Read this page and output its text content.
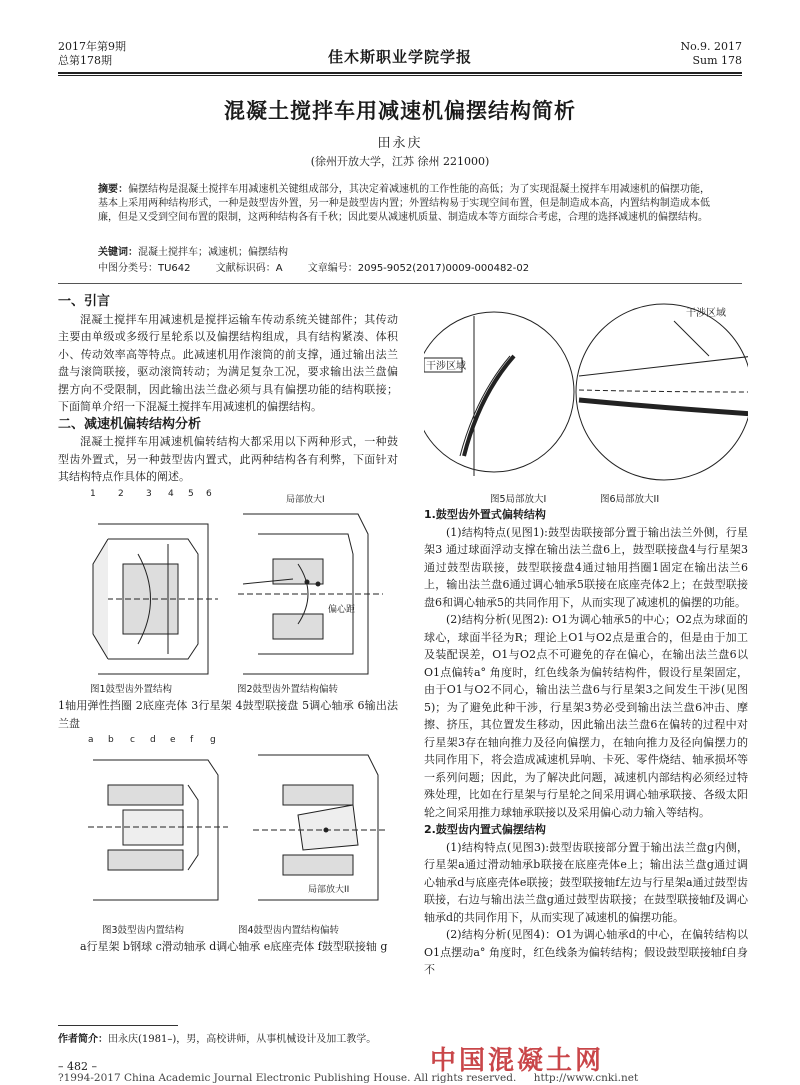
2017年第9期
总第178期	佳木斯职业学院学报
No.9. 2017
Sum 178
混凝土搅拌车用减速机偏摆结构简析
田永庆
(徐州开放大学，江苏 徐州 221000)
摘要：偏摆结构是混凝土搅拌车用减速机关键组成部分，其决定着减速机的工作性能的高低；为了实现混凝土搅拌车用减速机的偏摆功能，基本上采用两种结构形式，一种是鼓型齿外置，另一种是鼓型齿内置；外置结构易于实现空间布置，但是制造成本高，内置结构制造成本低廉，但是又受到空间布置的限制，这两种结构各有千秋；因此要从减速机质量、制造成本等方面综合考虑，合理的选择减速机的偏摆结构。
关键词：混凝土搅拌车；减速机；偏摆结构
中图分类号：TU642	文献标识码：A	文章编号：2095-9052(2017)0009-000482-02
一、引言
混凝土搅拌车用减速机是搅拌运输车传动系统关键部件；其传动主要由单级或多级行星轮系以及偏摆结构组成，具有结构紧凑、体积小、传动效率高等特点。此减速机用作滚筒的前支撑，通过输出法兰盘与滚筒联接，驱动滚筒转动；为满足复杂工况，要求输出法兰盘偏摆方向不受限制，因此输出法兰盘必须与具有偏摆功能的结构联接；下面简单介绍一下混凝土搅拌车用减速机的偏摆结构。
二、减速机偏转结构分析
混凝土搅拌车用减速机偏转结构大都采用以下两种形式，一种鼓型齿外置式，另一种鼓型齿内置式，此两种结构各有利弊，下面针对其结构特点作具体的阐述。
1 2 3 4 5 6
局部放大I
偏心距
图1鼓型齿外置结构	图2鼓型齿外置结构偏转
1轴用弹性挡圈 2底座壳体 3行星架 4鼓型联接盘 5调心轴承 6输出法兰盘
a b c d e f g
局部放大II
图3鼓型齿内置结构	图4鼓型齿内置结构偏转
a行星架 b钢球 c滑动轴承 d调心轴承 e底座壳体 f鼓型联接轴 g
干涉区域
干涉区域
图5局部放大I	图6局部放大II
1.鼓型齿外置式偏转结构
(1)结构特点(见图1):鼓型齿联接部分置于输出法兰外侧，行星架3 通过球面浮动支撑在输出法兰盘6上，鼓型联接盘4与行星架3通过鼓型齿联接，鼓型联接盘4通过轴用挡圈1固定在输出法兰6上，输出法兰盘6通过调心轴承5联接在底座壳体2上；在鼓型联接盘6和调心轴承5的共同作用下，从而实现了减速机的偏摆的功能。
(2)结构分析(见图2): O1为调心轴承5的中心；O2点为球面的球心，球面半径为R；理论上O1与O2点是重合的，但是由于加工及装配误差，O1与O2点不可避免的存在偏心，在输出法兰盘6以O1点偏转a° 角度时，红色线条为偏转结构件，假设行星架固定，由于O1与O2不同心，输出法兰盘6与行星架3之间发生干涉(见图5)；为了避免此种干涉，行星架3势必受到输出法兰盘6冲击、摩擦、挤压，其位置发生移动，因此输出法兰盘6在偏转的过程中对行星架3存在轴向推力及径向偏摆力，在轴向推力及径向偏摆力的共同作用下，将会造成减速机异响、卡死、零件烧结、轴承损坏等一系列问题；因此，为了解决此问题，减速机内部结构必须经过特殊处理，比如在行星架与行星轮之间采用调心轴承联接、各级太阳轮之间采用推力球轴承联接以及采用偏心动力输入等结构。
2.鼓型齿内置式偏摆结构
(1)结构特点(见图3):鼓型齿联接部分置于输出法兰盘g内侧，行星架a通过滑动轴承b联接在底座壳体e上；输出法兰盘g通过调心轴承d与底座壳体e联接；鼓型联接轴f左边与行星架a通过鼓型齿联接，右边与输出法兰盘g通过鼓型齿联接；在鼓型联接轴f及调心轴承d的共同作用下，从而实现了减速机的偏摆功能。
(2)结构分析(见图4)：O1为调心轴承d的中心，在偏转结构以O1点摆动a° 角度时，红色线条为偏转结构；假设鼓型联接轴f自身不
作者简介：田永庆(1981–)，男，高校讲师，从事机械设计及加工教学。
中国混凝土网
– 482 –
?1994-2017 China Academic Journal Electronic Publishing House. All rights reserved. http://www.cnki.net
